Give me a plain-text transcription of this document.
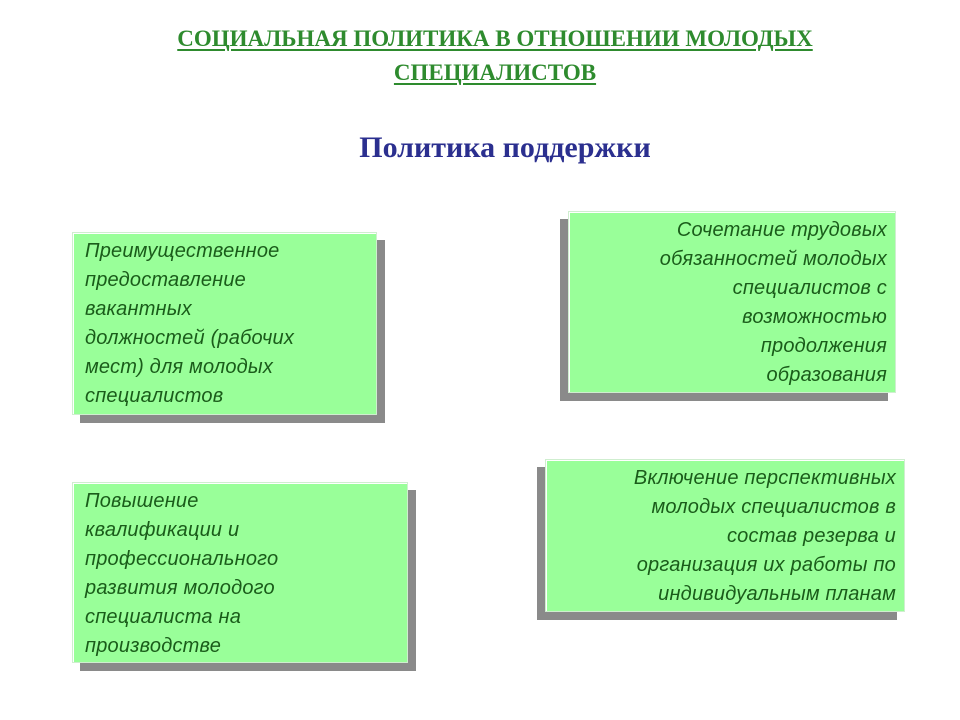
СОЦИАЛЬНАЯ ПОЛИТИКА В ОТНОШЕНИИ МОЛОДЫХ
СПЕЦИАЛИСТОВ
Политика поддержки
Преимущественное
предоставление
вакантных
должностей (рабочих
мест) для молодых
специалистов
Сочетание трудовых
обязанностей молодых
специалистов с
возможностью
продолжения
образования
Повышение
квалификации и
профессионального
развития молодого
специалиста на
производстве
Включение перспективных
молодых специалистов в
состав резерва и
организация их работы по
индивидуальным планам
